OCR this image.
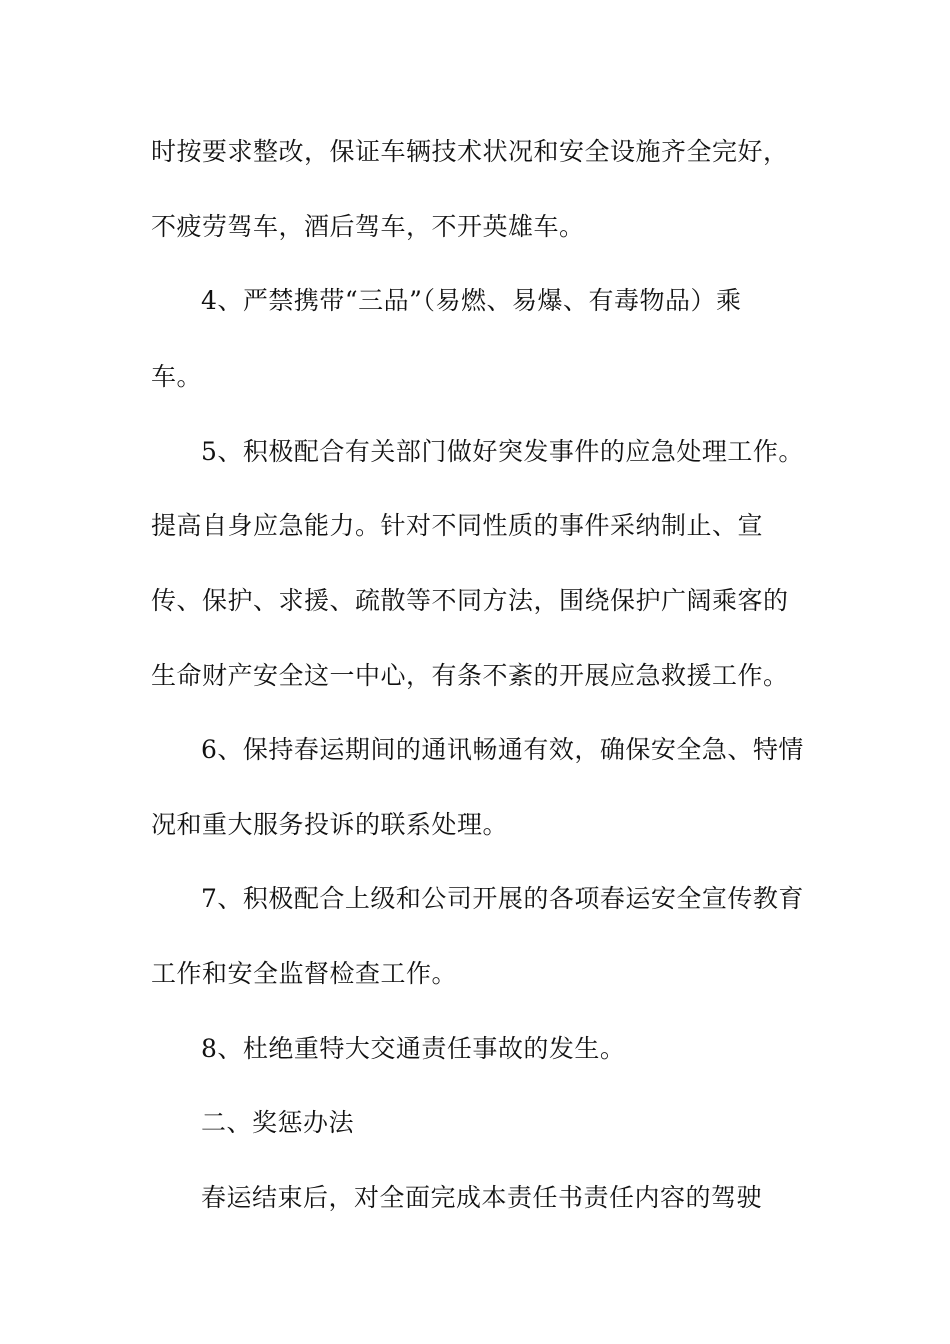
时按要求整改，保证车辆技术状况和安全设施齐全完好，
不疲劳驾车，酒后驾车，不开英雄车。
4、严禁携带“三品”（易燃、易爆、有毒物品）乘
车。
5、积极配合有关部门做好突发事件的应急处理工作。
提高自身应急能力。针对不同性质的事件采纳制止、宣
传、保护、求援、疏散等不同方法，围绕保护广阔乘客的
生命财产安全这一中心，有条不紊的开展应急救援工作。
6、保持春运期间的通讯畅通有效，确保安全急、特情
况和重大服务投诉的联系处理。
7、积极配合上级和公司开展的各项春运安全宣传教育
工作和安全监督检查工作。
8、杜绝重特大交通责任事故的发生。
二、奖惩办法
春运结束后，对全面完成本责任书责任内容的驾驶
